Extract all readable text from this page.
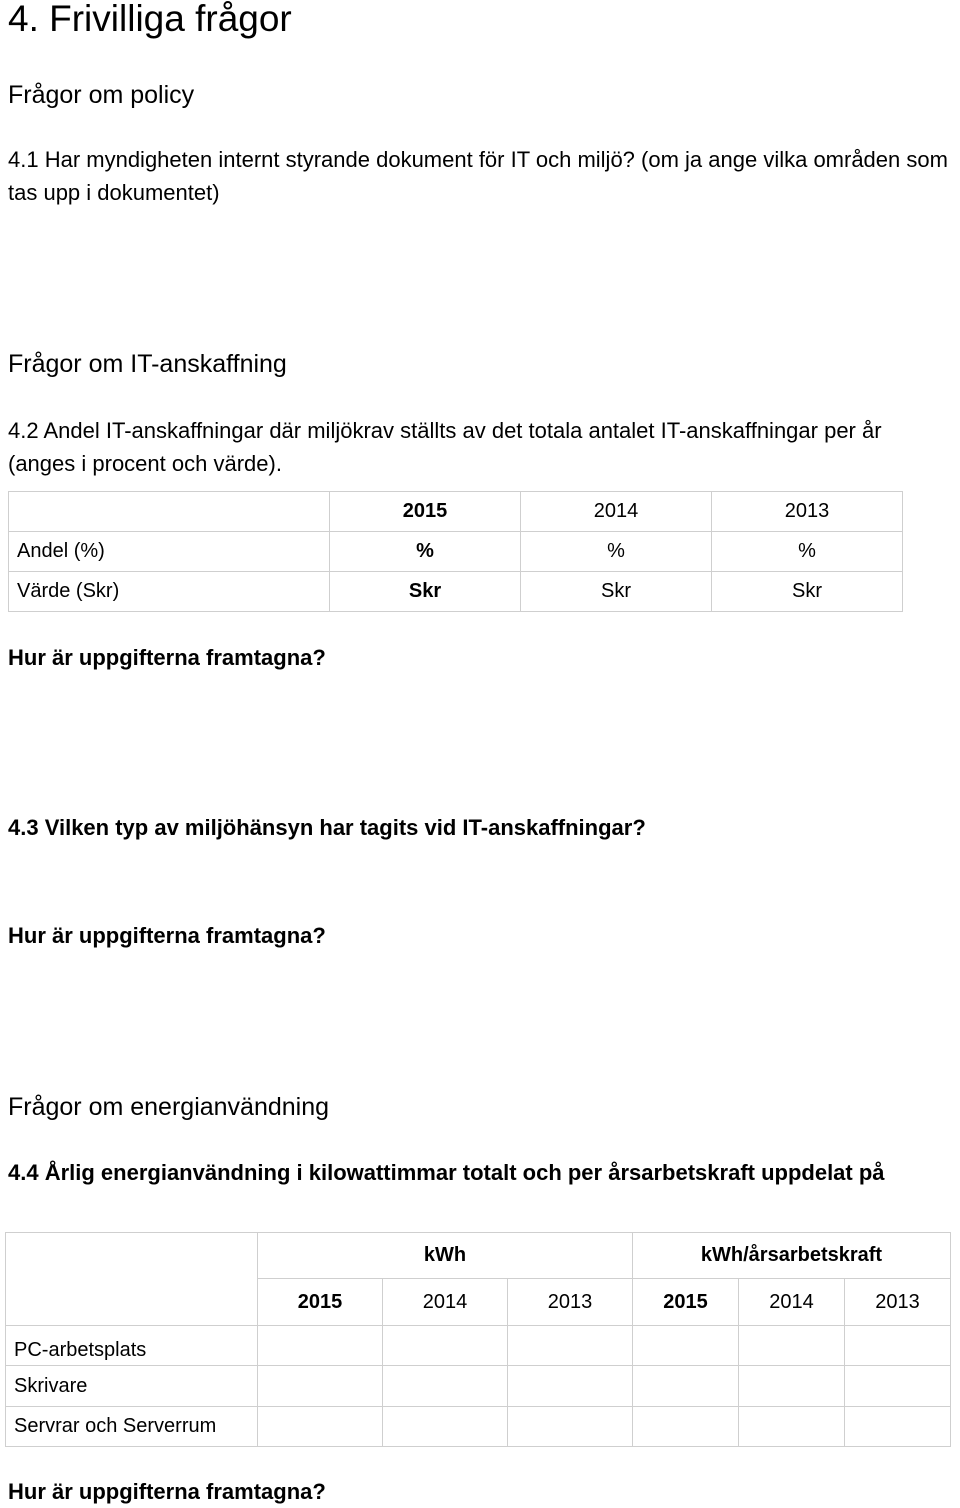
4. Frivilliga frågor
Frågor om policy
4.1 Har myndigheten internt styrande dokument för IT och miljö? (om ja ange vilka områden som tas upp i dokumentet)
Frågor om IT-anskaffning
4.2 Andel IT-anskaffningar där miljökrav ställts av det totala antalet IT-anskaffningar per år (anges i procent och värde).
	2015	2014	2013
Andel (%)	%	%	%
Värde (Skr)	Skr	Skr	Skr
Hur är uppgifterna framtagna?
4.3 Vilken typ av miljöhänsyn har tagits vid IT-anskaffningar?
Hur är uppgifterna framtagna?
Frågor om energianvändning
4.4 Årlig energianvändning i kilowattimmar totalt och per årsarbetskraft uppdelat på
	kWh			kWh/årsarbetskraft		
	2015	2014	2013	2015	2014	2013
PC-arbetsplats						
Skrivare						
Servrar och Serverrum						
Hur är uppgifterna framtagna?
